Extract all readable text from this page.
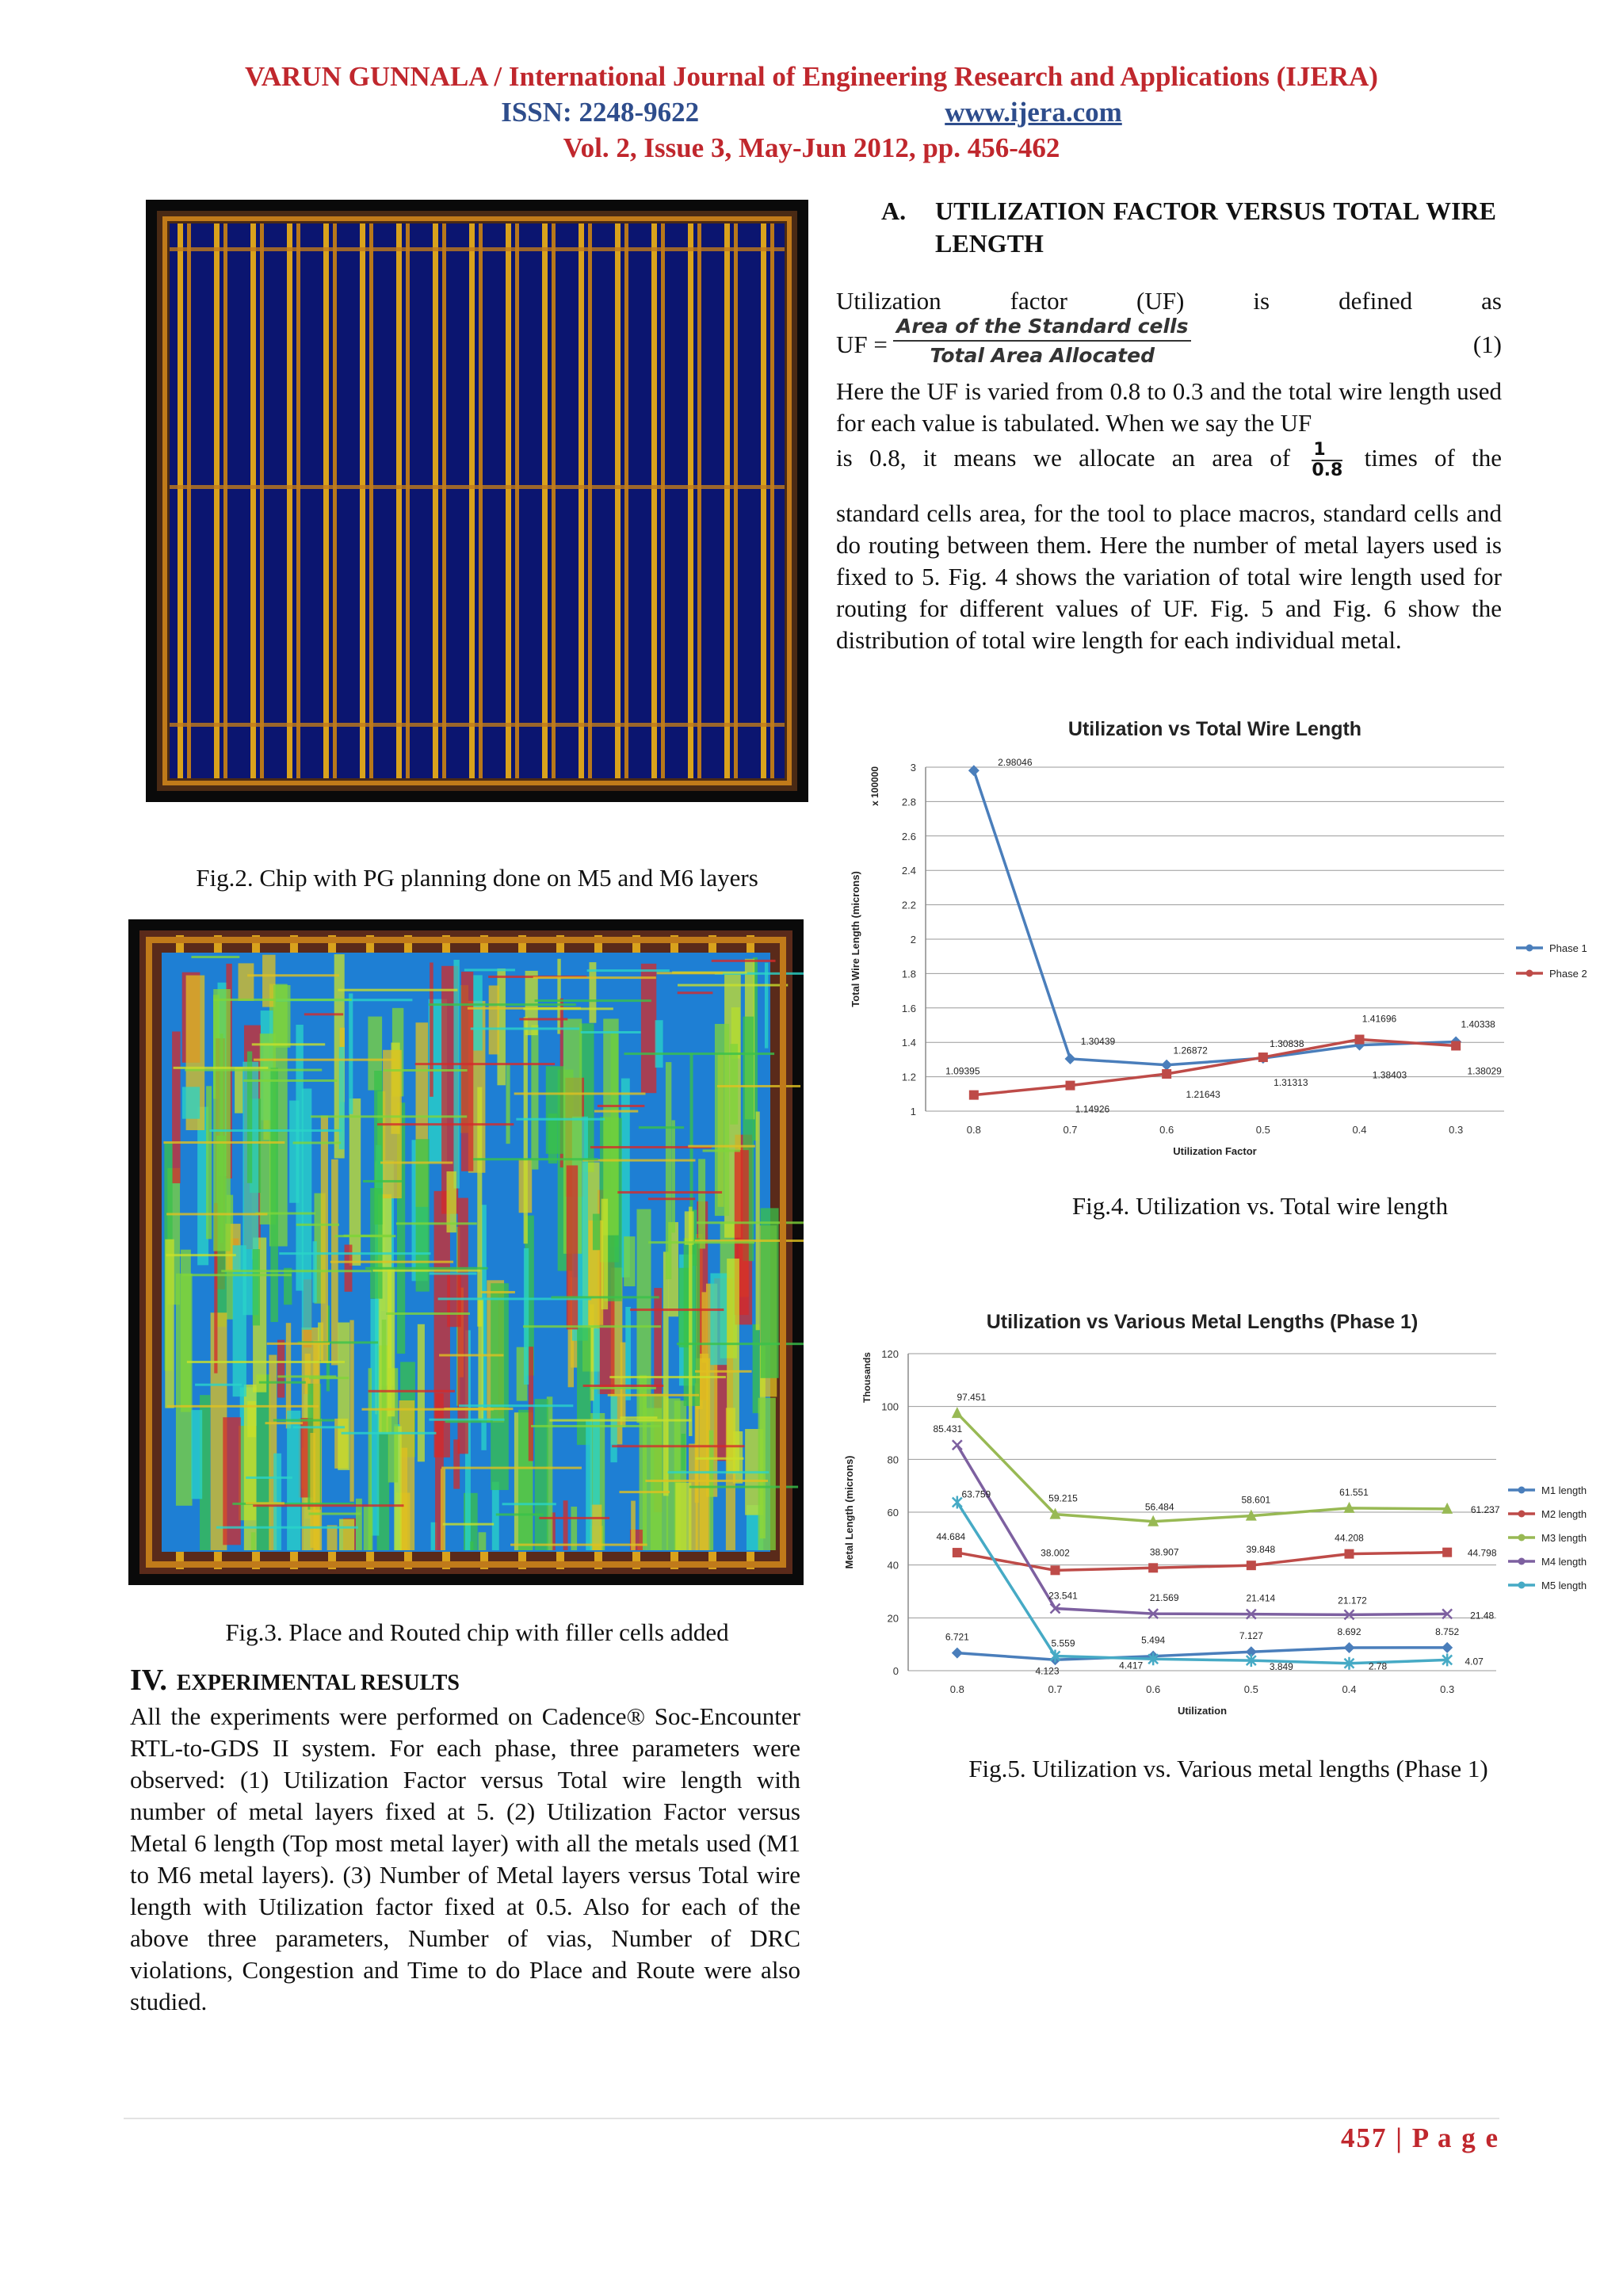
VARUN GUNNALA / International Journal of Engineering Research and Applications (IJERA)
ISSN: 2248-9622	www.ijera.com
Vol. 2, Issue 3, May-Jun 2012, pp. 456-462
Fig.2. Chip with PG planning done on M5 and M6 layers
Fig.3. Place and Routed chip with filler cells added
IV. EXPERIMENTAL RESULTS
All the experiments were performed on Cadence® Soc-Encounter RTL-to-GDS II system. For each phase, three parameters were observed: (1) Utilization Factor versus Total wire length with number of metal layers fixed at 5. (2) Utilization Factor versus Metal 6 length (Top most metal layer) with all the metals used (M1 to M6 metal layers). (3) Number of Metal layers versus Total wire length with Utilization factor fixed at 0.5. Also for each of the above three parameters, Number of vias, Number of DRC violations, Congestion and Time to do Place and Route were also studied.
A. UTILIZATION FACTOR VERSUS TOTAL WIRE LENGTH
Utilization factor (UF) is defined as
UF =
Area of the Standard cells
Total Area Allocated	(1)
Here the UF is varied from 0.8 to 0.3 and the total wire length used for each value is tabulated. When we say the UF
is 0.8, it means we allocate an area of $\frac{1}{0.8}$ times of the
standard cells area, for the tool to place macros, standard cells and do routing between them. Here the number of metal layers used is fixed to 5. Fig. 4 shows the variation of total wire length used for routing for different values of UF. Fig. 5 and Fig. 6 show the distribution of total wire length for each individual metal.
Utilization vs Total Wire Length
1
1.2
1.4
1.6
1.8
2
2.2
2.4
2.6
2.8
3
0.8	0.7	0.6	0.5	0.4	0.3
Utilization Factor
Total Wire Length (microns)
x 100000
2.98046
1.30439
1.26872
1.30838
1.38403
1.40338
1.09395
1.14926
1.21643
1.31313
1.41696
1.38029
Phase 1
Phase 2
Fig.4. Utilization vs. Total wire length
Utilization vs Various Metal Lengths (Phase 1)
0
20
40
60
80
100
120
0.8	0.7	0.6	0.5	0.4	0.3
Utilization
Metal Length (microns)
Thousands
6.721
4.123
5.494	7.127	8.692	8.752
44.684
38.002	38.907	39.848
44.208
44.798
97.451
59.215
56.484
58.601
61.551
61.237
85.431
23.541	21.569	21.414	21.172
21.48
63.759
5.559
4.417	3.849	2.78	4.07
M1 length
M2 length
M3 length
M4 length
M5 length
Fig.5. Utilization vs. Various metal lengths (Phase 1)
457 | P a g e
